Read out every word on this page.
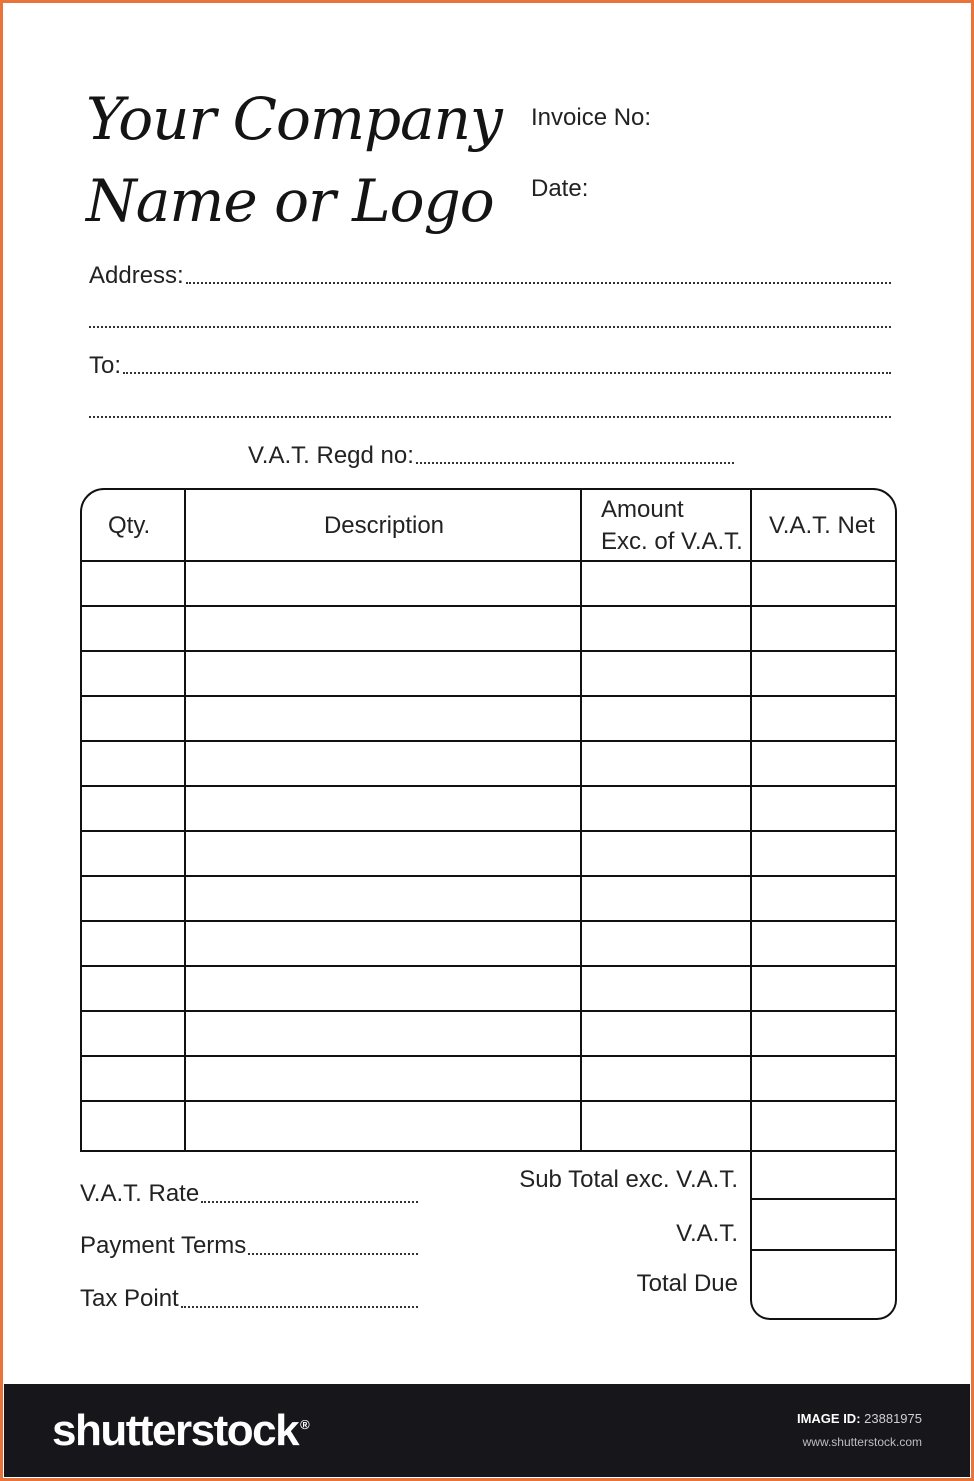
Your Company
Name or Logo
Invoice No:
Date:
Address:
To:
V.A.T. Regd no:
Qty.	Description
Amount
Exc. of V.A.T.
V.A.T. Net
V.A.T. Rate
Payment Terms
Tax Point
Sub Total exc. V.A.T.
V.A.T.
Total Due
shutterstock ®	IMAGE ID: 23881975
www.shutterstock.com
